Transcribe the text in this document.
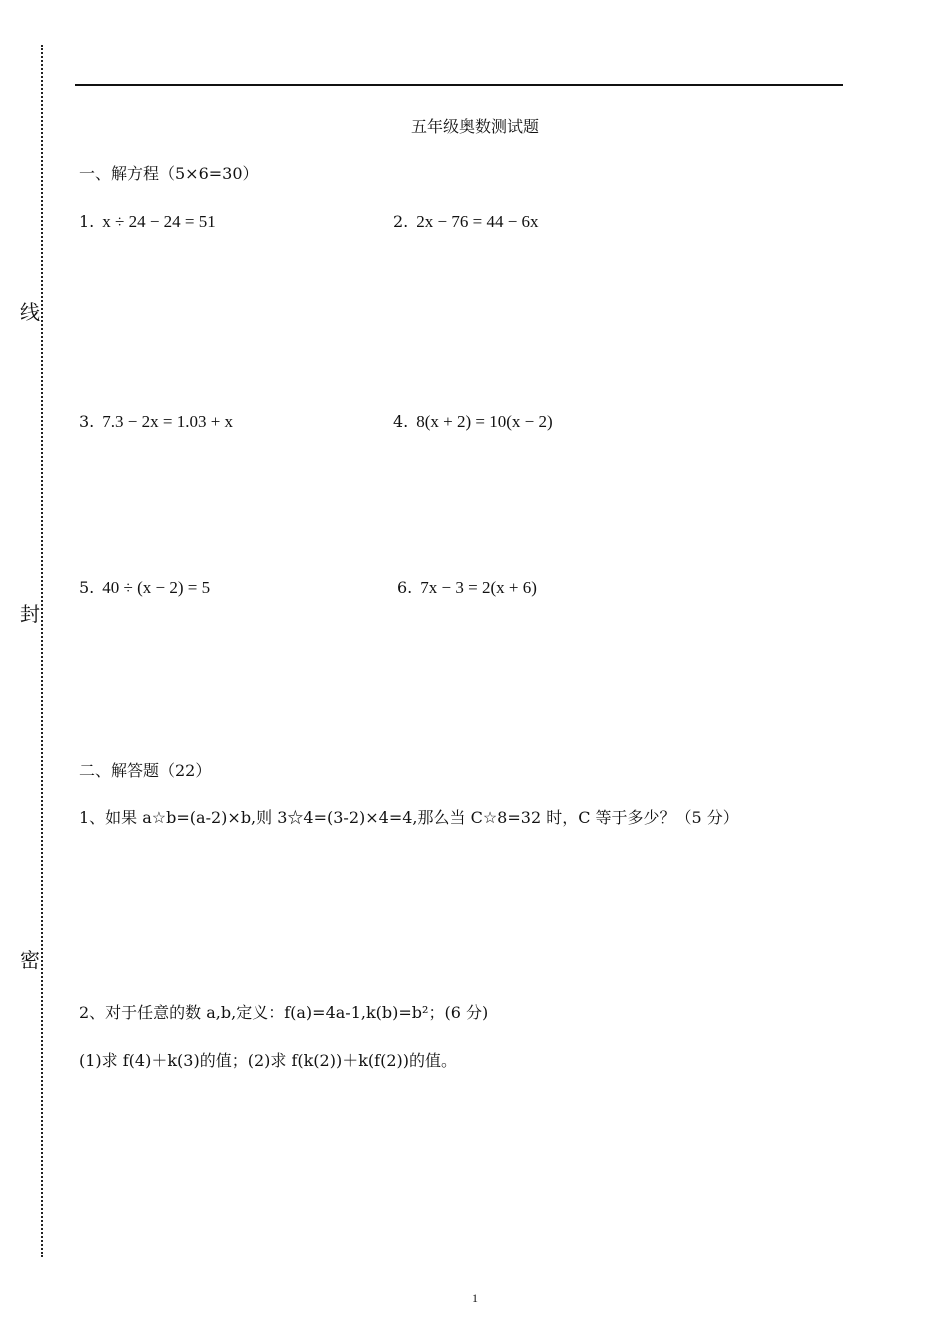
线
封
密
五年级奥数测试题
一、解方程（5×6=30）
1. x ÷ 24 − 24 = 51	2. 2x − 76 = 44 − 6x
3. 7.3 − 2x = 1.03 + x	4. 8(x + 2) = 10(x − 2)
5. 40 ÷ (x − 2) = 5	6. 7x − 3 = 2(x + 6)
二、解答题（22）
1、如果 a☆b=(a-2)×b,则 3☆4=(3-2)×4=4,那么当 C☆8=32 时，C 等于多少？（5 分）
2、对于任意的数 a,b,定义：f(a)=4a-1,k(b)=b²；(6 分)
(1)求 f(4)＋k(3)的值；(2)求 f(k(2))＋k(f(2))的值。
1
